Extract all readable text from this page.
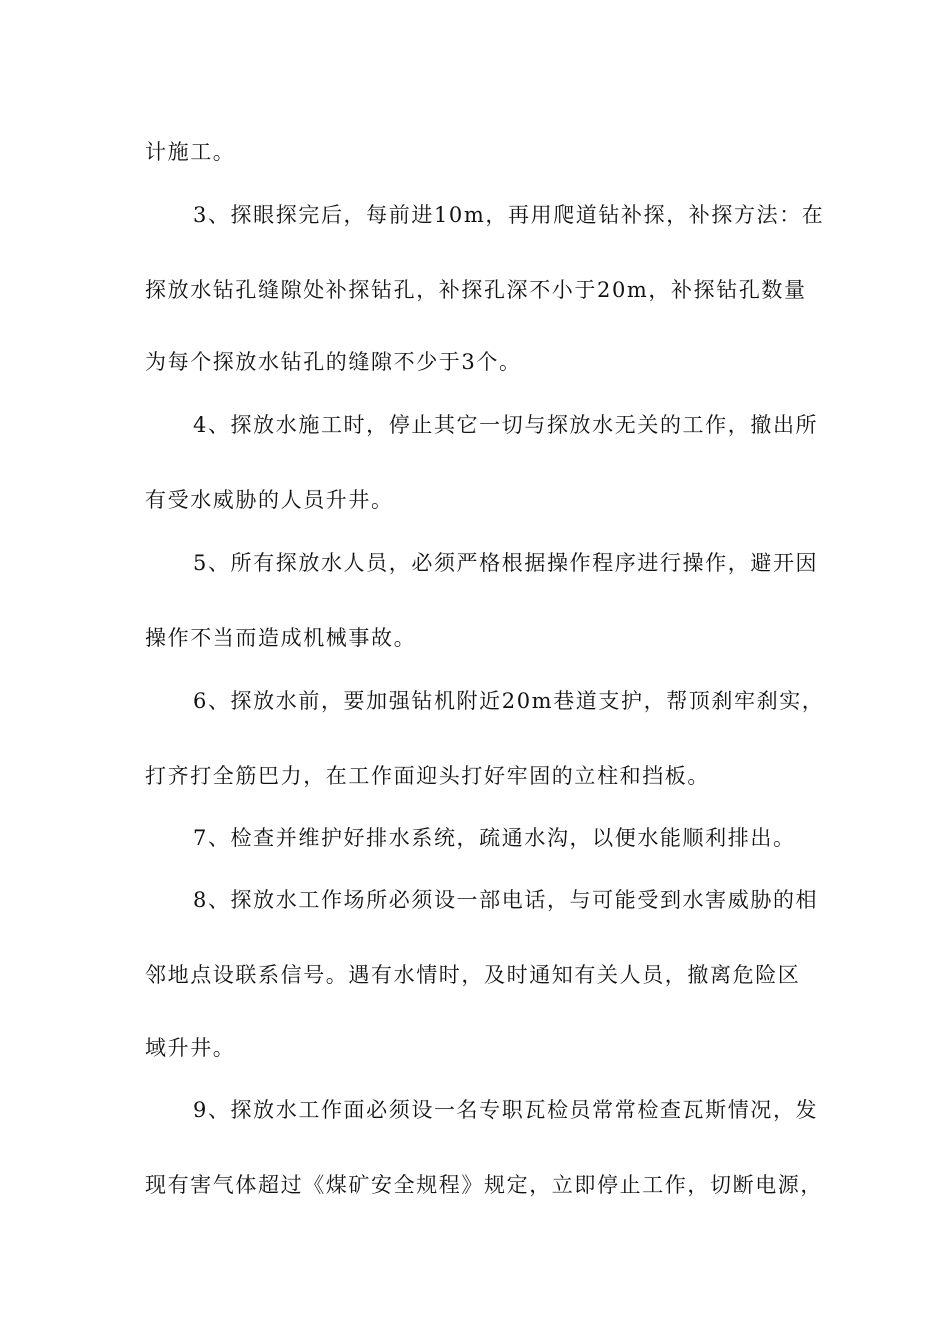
计施工。
3、探眼探完后，每前进10m，再用爬道钻补探，补探方法：在
探放水钻孔缝隙处补探钻孔，补探孔深不小于20m，补探钻孔数量
为每个探放水钻孔的缝隙不少于3个。
4、探放水施工时，停止其它一切与探放水无关的工作，撤出所
有受水威胁的人员升井。
5、所有探放水人员，必须严格根据操作程序进行操作，避开因
操作不当而造成机械事故。
6、探放水前，要加强钻机附近20m巷道支护，帮顶刹牢刹实，
打齐打全筋巴力，在工作面迎头打好牢固的立柱和挡板。
7、检查并维护好排水系统，疏通水沟，以便水能顺利排出。
8、探放水工作场所必须设一部电话，与可能受到水害威胁的相
邻地点设联系信号。遇有水情时，及时通知有关人员，撤离危险区
域升井。
9、探放水工作面必须设一名专职瓦检员常常检查瓦斯情况，发
现有害气体超过《煤矿安全规程》规定，立即停止工作，切断电源，
